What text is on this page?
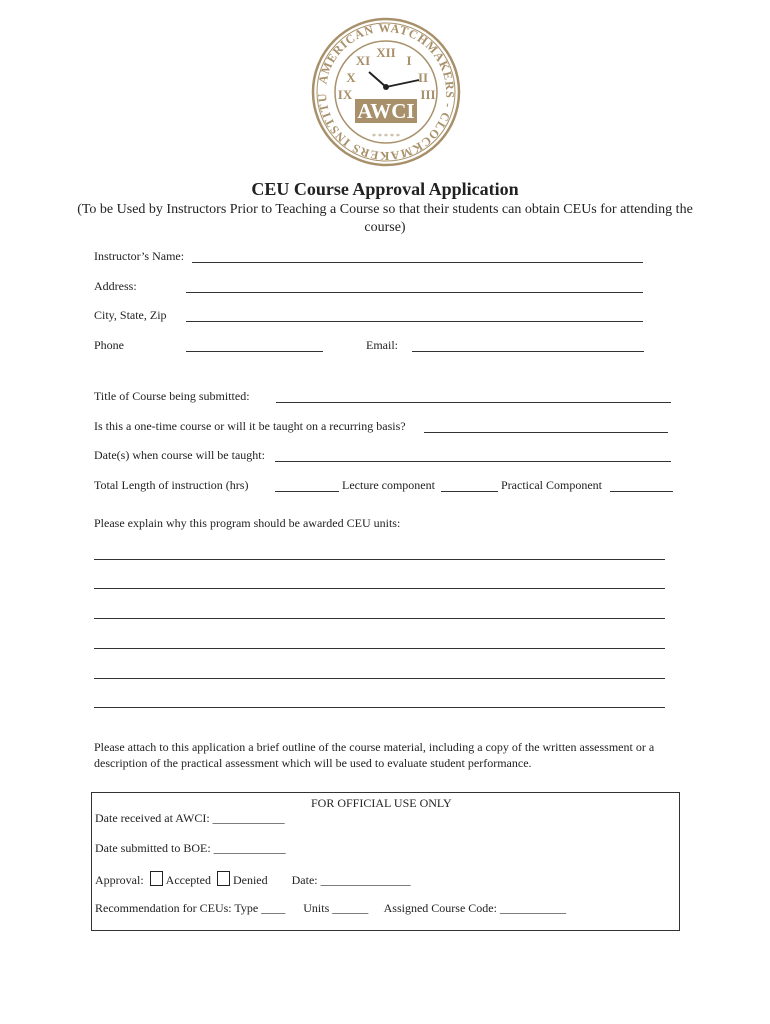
AMERICAN WATCHMAKERS - CLOCKMAKERS INSTITU
XII
XI	I
X	II
IX	III
AWCI
* * * * *
CEU Course Approval Application
(To be Used by Instructors Prior to Teaching a Course so that their students can obtain CEUs for attending the course)
Instructor’s Name:
Address:
City, State, Zip
Phone	Email:
Title of Course being submitted:
Is this a one-time course or will it be taught on a recurring basis?
Date(s) when course will be taught:
Total Length of instruction (hrs)	Lecture component	Practical Component
Please explain why this program should be awarded CEU units:
Please attach to this application a brief outline of the course material, including a copy of the written assessment or a description of the practical assessment which will be used to evaluate student performance.
FOR OFFICIAL USE ONLY
Date received at AWCI: ____________
Date submitted to BOE: ____________
Approval: Accepted Denied Date: _______________
Recommendation for CEUs: Type ____ Units ______ Assigned Course Code: ___________
